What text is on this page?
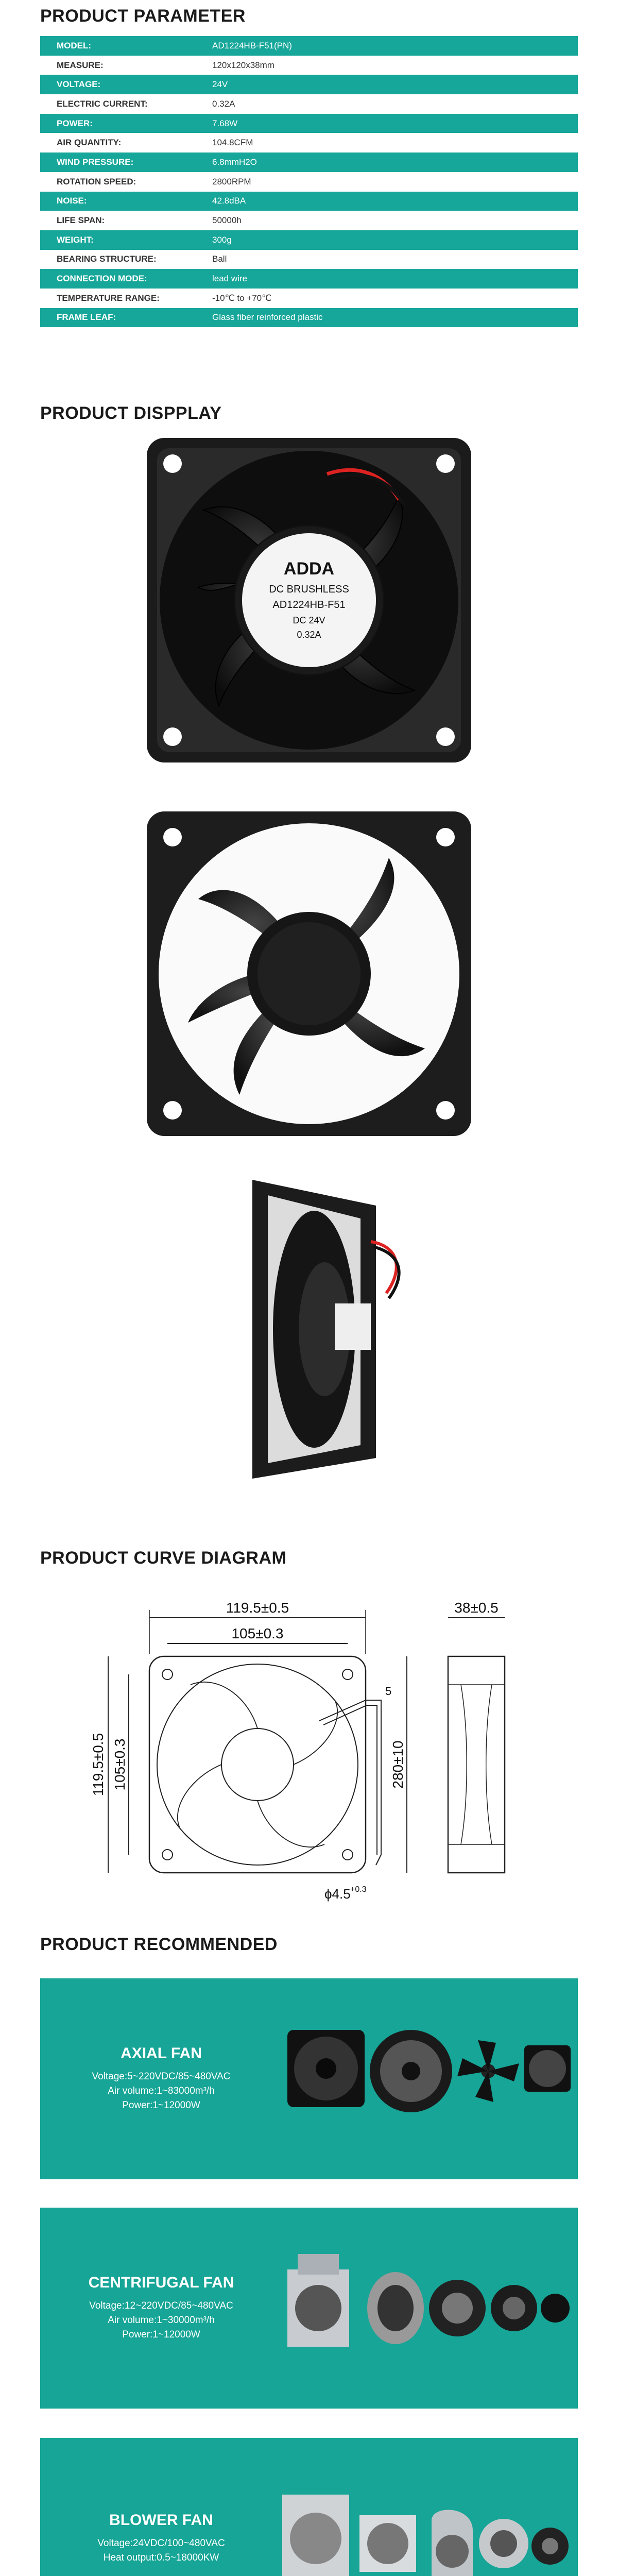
PRODUCT PARAMETER
MODEL:	AD1224HB-F51(PN)
MEASURE:	120x120x38mm
VOLTAGE:	24V
ELECTRIC CURRENT:	0.32A
POWER:	7.68W
AIR QUANTITY:	104.8CFM
WIND PRESSURE:	6.8mmH2O
ROTATION SPEED:	2800RPM
NOISE:	42.8dBA
LIFE SPAN:	50000h
WEIGHT:	300g
BEARING STRUCTURE:	Ball
CONNECTION MODE:	lead wire
TEMPERATURE RANGE:	-10℃ to +70℃
FRAME LEAF:	Glass fiber reinforced plastic
PRODUCT DISPPLAY
ADDA
DC BRUSHLESS
AD1224HB-F51
DC 24V
0.32A
PRODUCT CURVE DIAGRAM
119.5±0.5
105±0.3
5
119.5±0.5 105±0.3	280±10
ϕ4.5 +0.3
38±0.5
PRODUCT RECOMMENDED
AXIAL FAN
Voltage:5~220VDC/85~480VAC
Air volume:1~83000m³/h
Power:1~12000W
CENTRIFUGAL FAN
Voltage:12~220VDC/85~480VAC
Air volume:1~30000m³/h
Power:1~12000W
BLOWER FAN
Voltage:24VDC/100~480VAC
Heat output:0.5~18000KW
